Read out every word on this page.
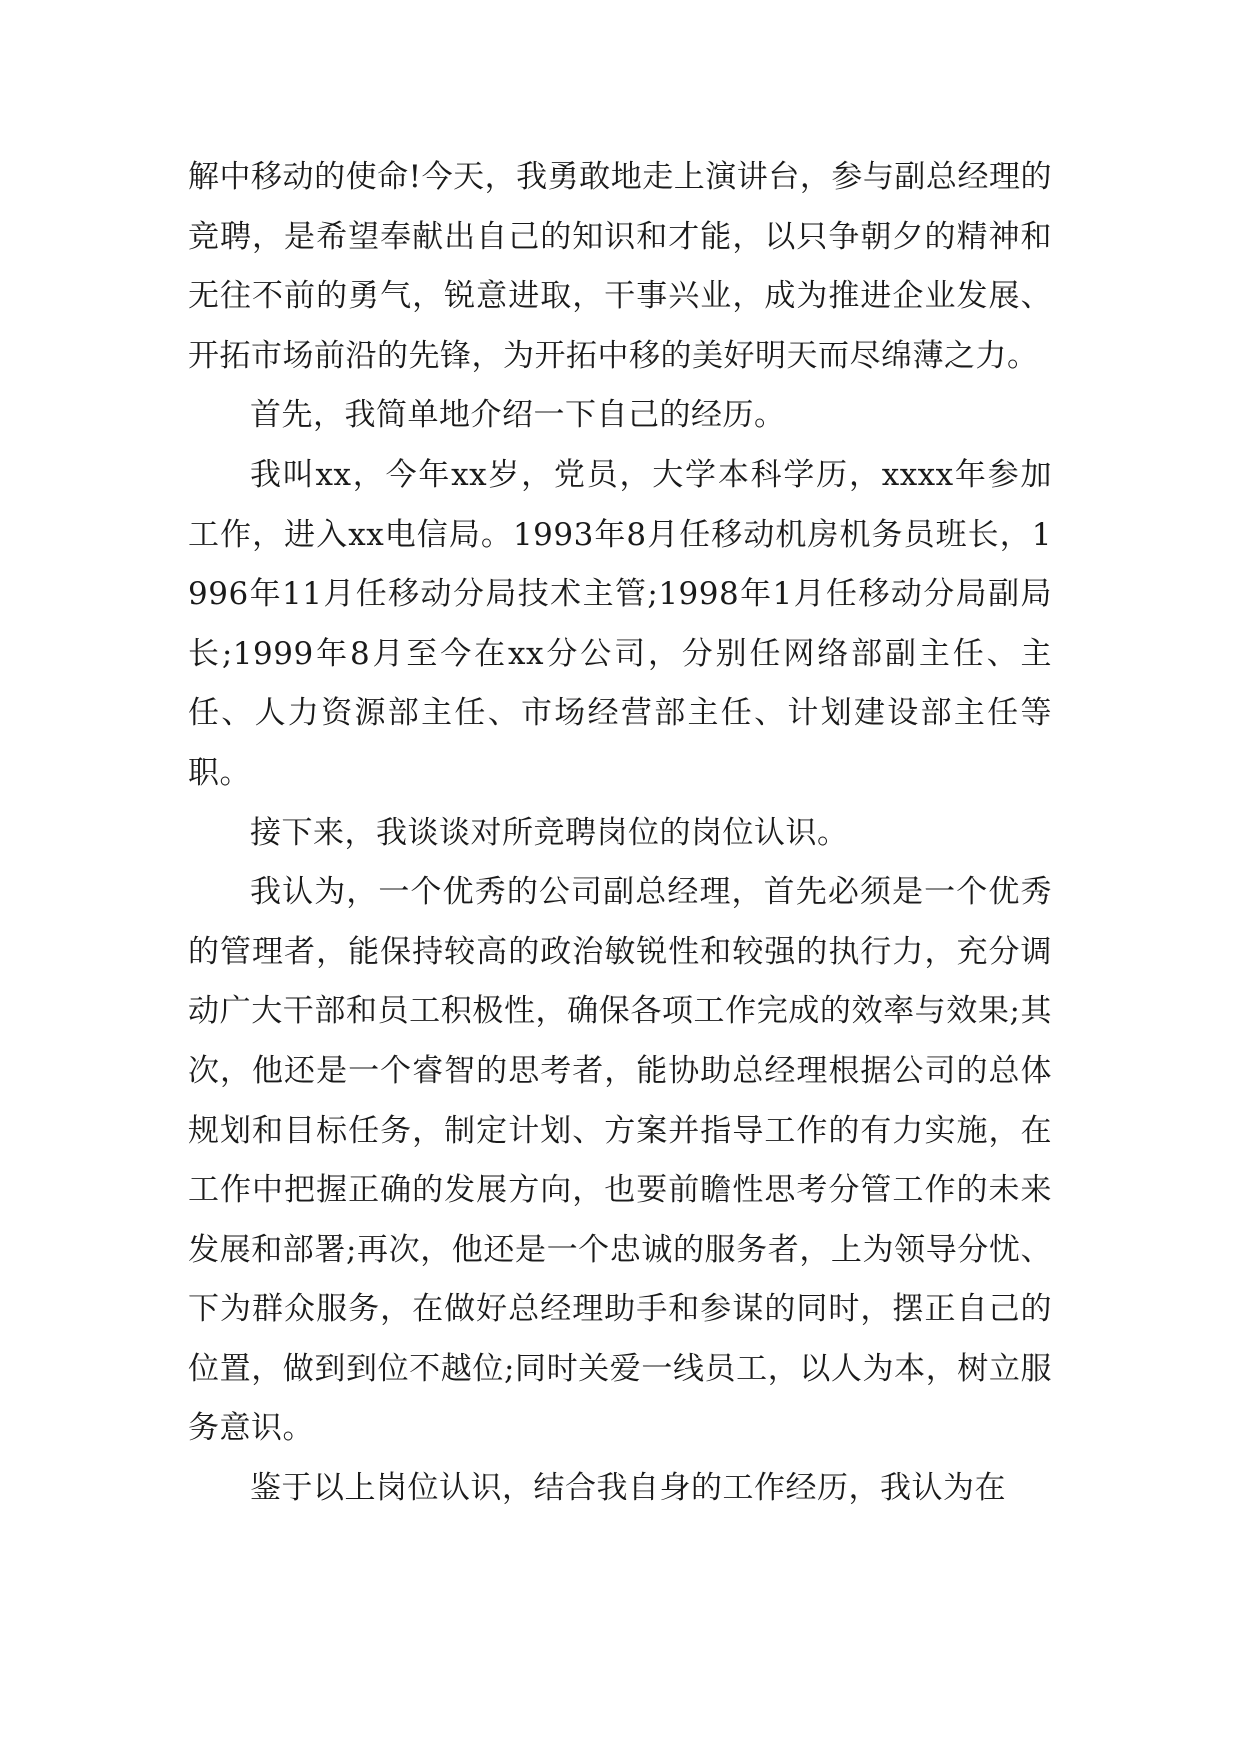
解中移动的使命!今天，我勇敢地走上演讲台，参与副总经理的竞聘，是希望奉献出自己的知识和才能，以只争朝夕的精神和无往不前的勇气，锐意进取，干事兴业，成为推进企业发展、开拓市场前沿的先锋，为开拓中移的美好明天而尽绵薄之力。

首先，我简单地介绍一下自己的经历。

我叫xx，今年xx岁，党员，大学本科学历，xxxx年参加工作，进入xx电信局。1993年8月任移动机房机务员班长，1996年11月任移动分局技术主管;1998年1月任移动分局副局长;1999年8月至今在xx分公司，分别任网络部副主任、主任、人力资源部主任、市场经营部主任、计划建设部主任等职。

接下来，我谈谈对所竞聘岗位的岗位认识。

我认为，一个优秀的公司副总经理，首先必须是一个优秀的管理者，能保持较高的政治敏锐性和较强的执行力，充分调动广大干部和员工积极性，确保各项工作完成的效率与效果;其次，他还是一个睿智的思考者，能协助总经理根据公司的总体规划和目标任务，制定计划、方案并指导工作的有力实施，在工作中把握正确的发展方向，也要前瞻性思考分管工作的未来发展和部署;再次，他还是一个忠诚的服务者，上为领导分忧、下为群众服务，在做好总经理助手和参谋的同时，摆正自己的位置，做到到位不越位;同时关爱一线员工，以人为本，树立服务意识。

鉴于以上岗位认识，结合我自身的工作经历，我认为在
